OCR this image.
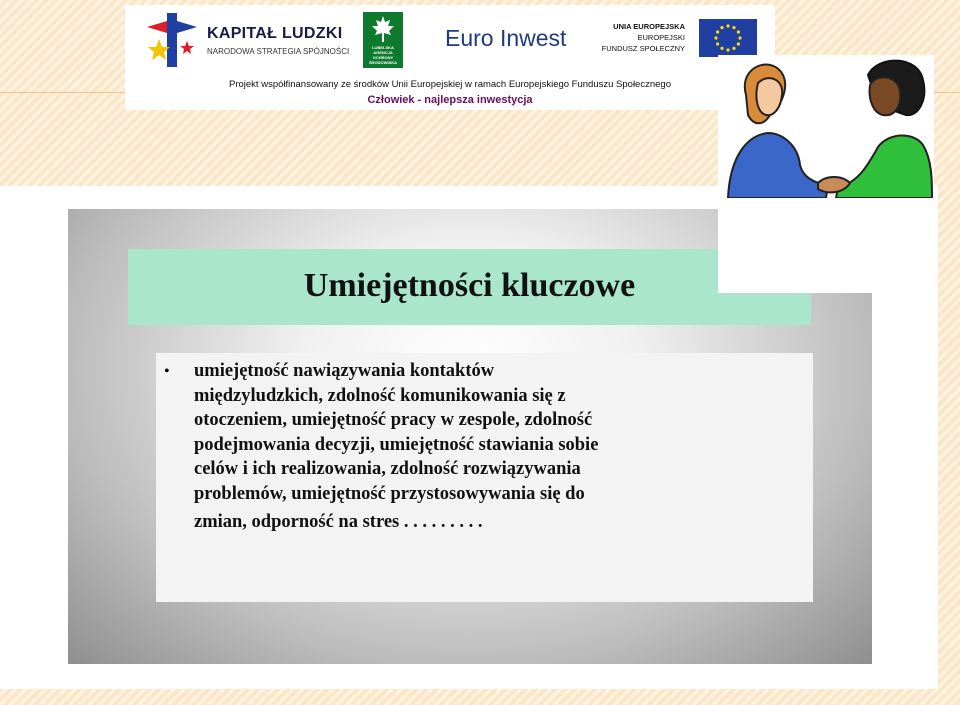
KAPITAŁ LUDZKI
NARODOWA STRATEGIA SPÓJNOŚCI	LUBELSKA AGENCJA OCHRONY ŚRODOWISKA
Euro Inwest	UNIA EUROPEJSKA
EUROPEJSKI
FUNDUSZ SPOŁECZNY
Projekt współfinansowany ze środków Unii Europejskiej w ramach Europejskiego Funduszu Społecznego
Człowiek - najlepsza inwestycja
Umiejętności kluczowe
• umiejętność nawiązywania kontaktów
międzyludzkich, zdolność komunikowania się z
otoczeniem, umiejętność pracy w zespole, zdolność
podejmowania decyzji, umiejętność stawiania sobie
celów i ich realizowania, zdolność rozwiązywania
problemów, umiejętność przystosowywania się do
zmian, odporność na stres . . . . . . . . .
